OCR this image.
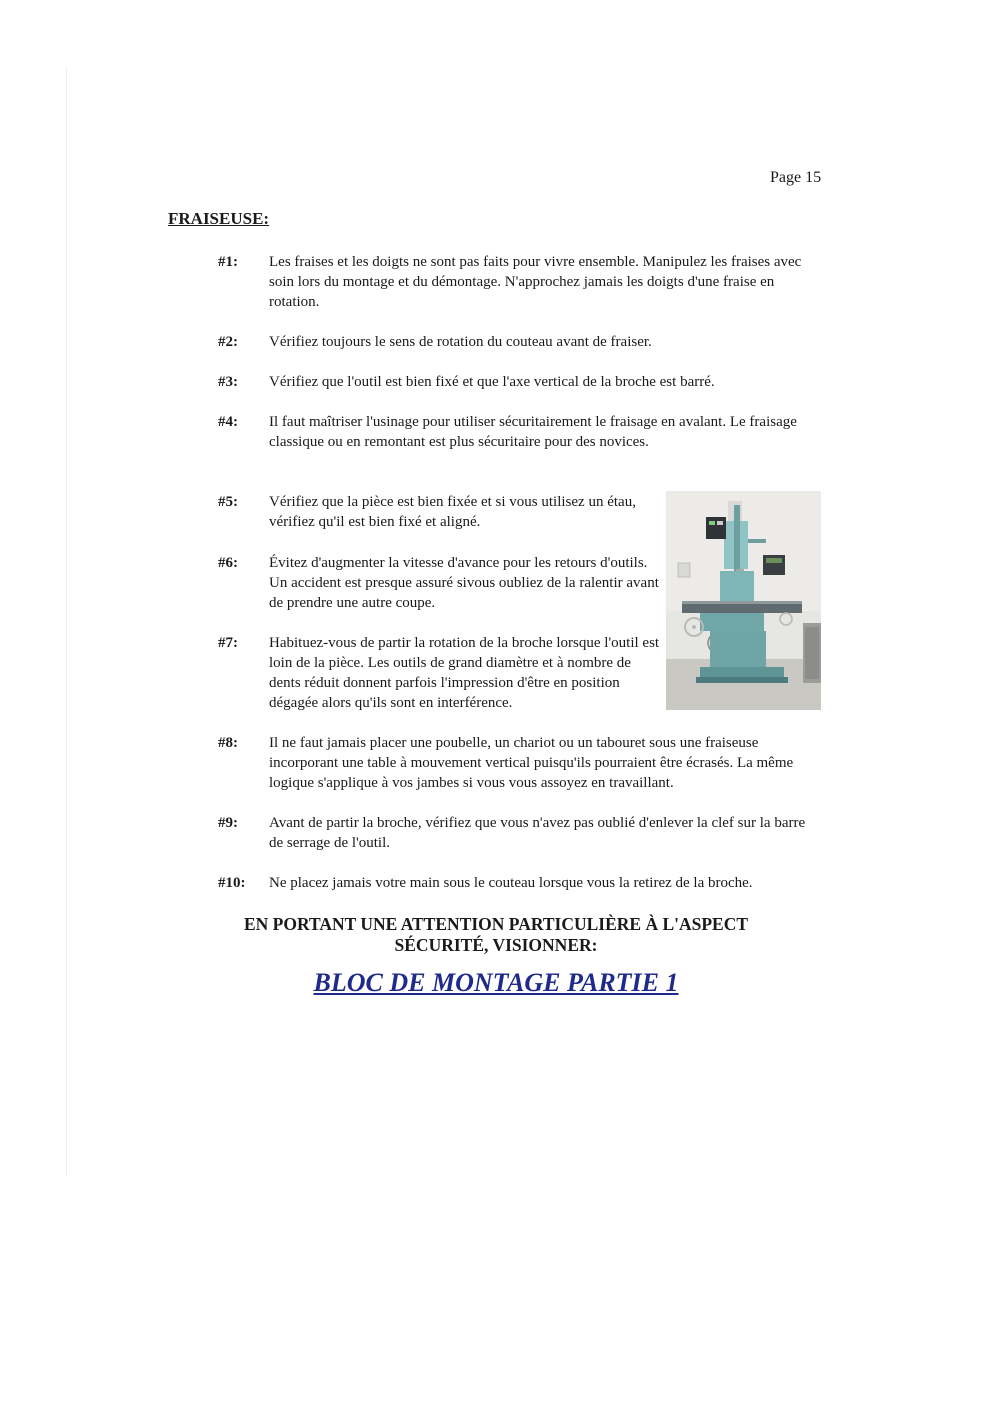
Page 15
FRAISEUSE:
#1:	Les fraises et les doigts ne sont pas faits pour vivre ensemble. Manipulez les fraises avec soin lors du montage et du démontage. N'approchez jamais les doigts d'une fraise en rotation.
#2:	Vérifiez toujours le sens de rotation du couteau avant de fraiser.
#3:	Vérifiez que l'outil est bien fixé et que l'axe vertical de la broche est barré.
#4:	Il faut maîtriser l'usinage pour utiliser sécuritairement le fraisage en avalant. Le fraisage classique ou en remontant est plus sécuritaire pour des novices.
#5:	Vérifiez que la pièce est bien fixée et si vous utilisez un étau, vérifiez qu'il est bien fixé et aligné.
#6:	Évitez d'augmenter la vitesse d'avance pour les retours d'outils. Un accident est presque assuré sivous oubliez de la ralentir avant de prendre une autre coupe.
#7:	Habituez-vous de partir la rotation de la broche lorsque l'outil est loin de la pièce. Les outils de grand diamètre et à nombre de dents réduit donnent parfois l'impression d'être en position dégagée alors qu'ils sont en interférence.
#8:	Il ne faut jamais placer une poubelle, un chariot ou un tabouret sous une fraiseuse incorporant une table à mouvement vertical puisqu'ils pourraient être écrasés. La même logique s'applique à vos jambes si vous vous assoyez en travaillant.
#9:	Avant de partir la broche, vérifiez que vous n'avez pas oublié d'enlever la clef sur la barre de serrage de l'outil.
#10:	Ne placez jamais votre main sous le couteau lorsque vous la retirez de la broche.
EN PORTANT UNE ATTENTION PARTICULIÈRE À L'ASPECT
SÉCURITÉ, VISIONNER:
BLOC DE MONTAGE PARTIE 1
